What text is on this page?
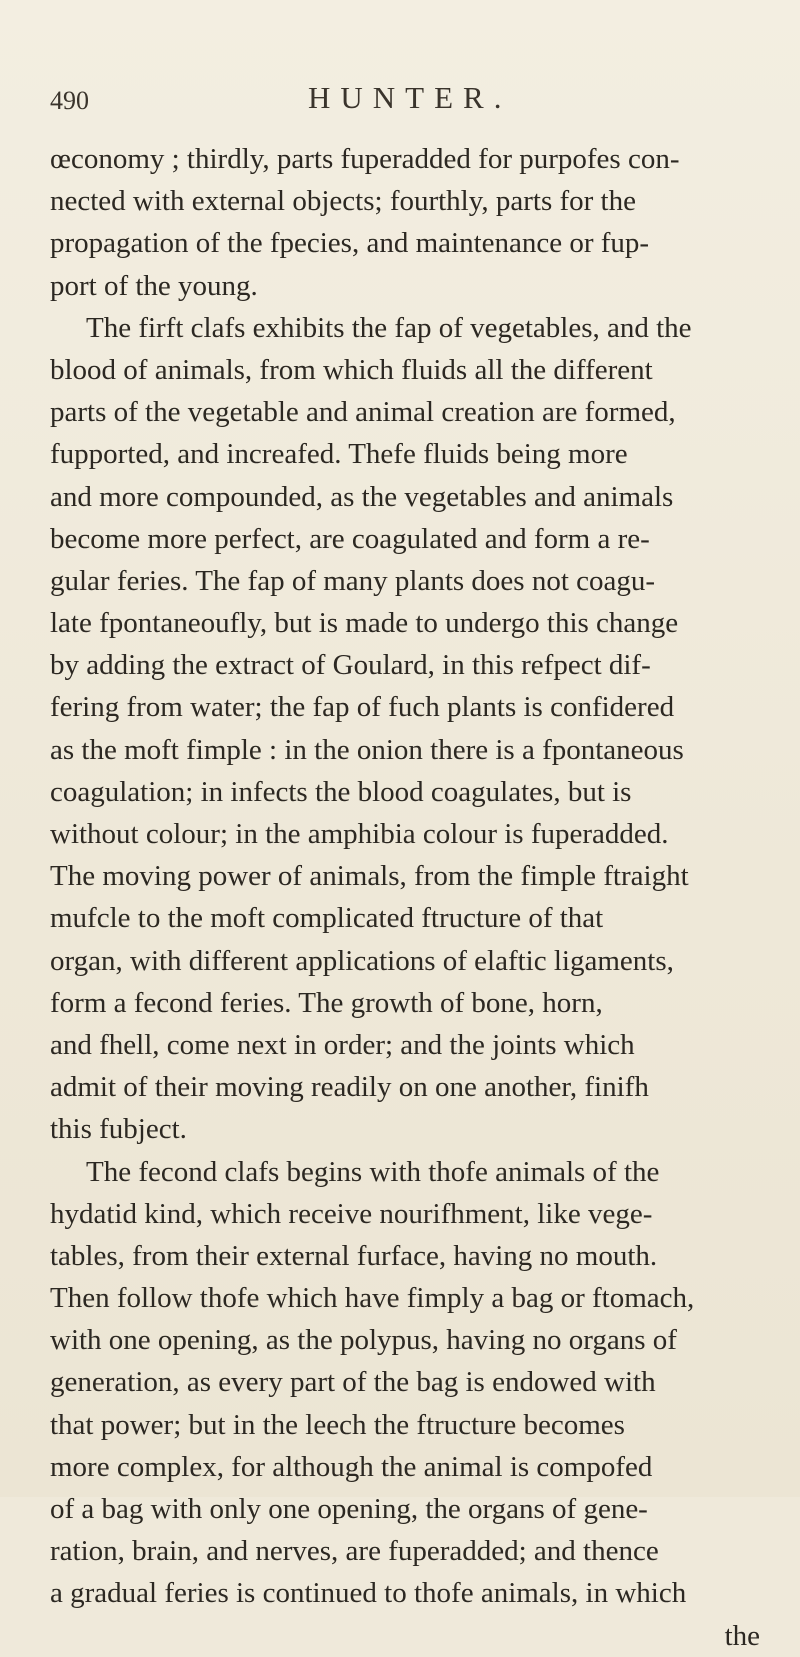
490	HUNTER.
œconomy ; thirdly, parts fuperadded for purpofes con-
nected with external objects; fourthly, parts for the
propagation of the fpecies, and maintenance or fup-
port of the young.
The firft clafs exhibits the fap of vegetables, and the
blood of animals, from which fluids all the different
parts of the vegetable and animal creation are formed,
fupported, and increafed. Thefe fluids being more
and more compounded, as the vegetables and animals
become more perfect, are coagulated and form a re-
gular feries. The fap of many plants does not coagu-
late fpontaneoufly, but is made to undergo this change
by adding the extract of Goulard, in this refpect dif-
fering from water; the fap of fuch plants is confidered
as the moft fimple : in the onion there is a fpontaneous
coagulation; in infects the blood coagulates, but is
without colour; in the amphibia colour is fuperadded.
The moving power of animals, from the fimple ftraight
mufcle to the moft complicated ftructure of that
organ, with different applications of elaftic ligaments,
form a fecond feries. The growth of bone, horn,
and fhell, come next in order; and the joints which
admit of their moving readily on one another, finifh
this fubject.
The fecond clafs begins with thofe animals of the
hydatid kind, which receive nourifhment, like vege-
tables, from their external furface, having no mouth.
Then follow thofe which have fimply a bag or ftomach,
with one opening, as the polypus, having no organs of
generation, as every part of the bag is endowed with
that power; but in the leech the ftructure becomes
more complex, for although the animal is compofed
of a bag with only one opening, the organs of gene-
ration, brain, and nerves, are fuperadded; and thence
a gradual feries is continued to thofe animals, in which
the
